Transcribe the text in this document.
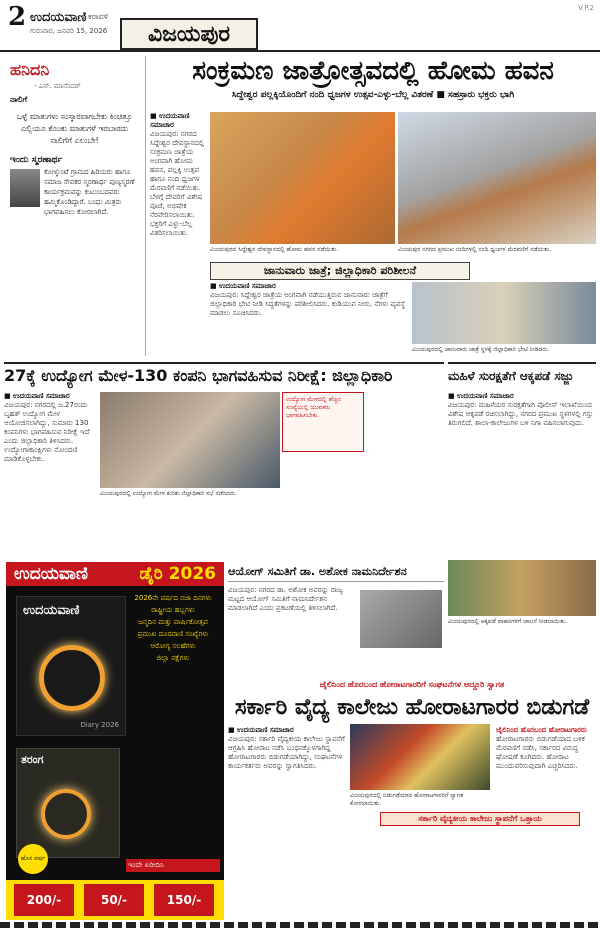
2 ಉದಯವಾಣಿ ಕರಾವಳಿ
ಗುರುವಾರ, ಜನವರಿ 15, 2026	ವಿಜಯಪುರ
V.P.2
ಹನಿದನಿ
- ಎನ್. ಮಾನೆಂದರ್
ನಾಲಿಗೆ
ಒಳ್ಳೆ ಮಾತುಗಳು ಸಂಸ್ಕಾರವಾಗಬೇಕು ಕಿಂಚಿತ್ತೂ ಎಲ್ಲಿಯೂ ಕೊಂಕು ಮಾತುಗಳೆ ಇರಬಾರದು ನಾಲಿಗೆಗೆ ಎಲುಬೇ!
ಇಂದು ಸ್ಮರಣಾರ್ಥ
ಕೋಳ್ಕುಂಟೆ ಗ್ರಾಮದ ಹಿರಿಯರು ಹಾಗೂ ಸಮಾಜ ಸೇವಕರ ಸ್ಮರಣಾರ್ಥ ಪುಣ್ಯಸ್ಮರಣೆ ಕಾರ್ಯಕ್ರಮವನ್ನು ಕುಟುಂಬದವರು ಹಮ್ಮಿಕೊಂಡಿದ್ದಾರೆ. ಬಂಧು ಮಿತ್ರರು ಭಾಗವಹಿಸಲು ಕೋರಲಾಗಿದೆ.
ಸಂಕ್ರಮಣ ಜಾತ್ರೋತ್ಸವದಲ್ಲಿ ಹೋಮ ಹವನ
ಸಿದ್ದೇಶ್ವರ ಪಲ್ಲಕ್ಕಿಯೊಂದಿಗೆ ನಂದಿ ಧ್ವಜಗಳ ಉತ್ಸವ-ಎಳ್ಳು-ಬೆಲ್ಲ ವಿತರಣೆ ■ ಸಹಸ್ರಾರು ಭಕ್ತರು ಭಾಗಿ
■ ಉದಯವಾಣಿ ಸಮಾಚಾರ
ವಿಜಯಪುರ: ನಗರದ ಸಿದ್ದೇಶ್ವರ ದೇವಸ್ಥಾನದಲ್ಲಿ ಸಂಕ್ರಮಣ ಜಾತ್ರೆಯ ಅಂಗವಾಗಿ ಹೋಮ ಹವನ, ಪಲ್ಲಕ್ಕಿ ಉತ್ಸವ ಹಾಗೂ ನಂದಿ ಧ್ವಜಗಳ ಮೆರವಣಿಗೆ ನಡೆಯಿತು. ಬೆಳಗ್ಗೆ ದೇವರಿಗೆ ವಿಶೇಷ ಪೂಜೆ, ಅಭಿಷೇಕ ನೆರವೇರಿಸಲಾಯಿತು. ಭಕ್ತರಿಗೆ ಎಳ್ಳು-ಬೆಲ್ಲ ವಿತರಿಸಲಾಯಿತು.
ವಿಜಯಪುರದ ಸಿದ್ದೇಶ್ವರ ದೇವಸ್ಥಾನದಲ್ಲಿ ಹೋಮ ಹವನ ನಡೆಯಿತು.	ವಿಜಯಪುರ ನಗರದ ಪ್ರಮುಖ ಬೀದಿಗಳಲ್ಲಿ ನಂದಿ ಧ್ವಜಗಳ ಮೆರವಣಿಗೆ ನಡೆಯಿತು.
ಜಾನುವಾರು ಜಾತ್ರೆ; ಜಿಲ್ಲಾಧಿಕಾರಿ ಪರಿಶೀಲನೆ
■ ಉದಯವಾಣಿ ಸಮಾಚಾರ
ವಿಜಯಪುರ: ಸಿದ್ದೇಶ್ವರ ಜಾತ್ರೆಯ ಅಂಗವಾಗಿ ನಡೆಯುತ್ತಿರುವ ಜಾನುವಾರು ಜಾತ್ರೆಗೆ ಜಿಲ್ಲಾಧಿಕಾರಿ ಭೇಟಿ ನೀಡಿ ಸಿದ್ಧತೆಗಳನ್ನು ಪರಿಶೀಲಿಸಿದರು. ಕುಡಿಯುವ ನೀರು, ನೆರಳು ವ್ಯವಸ್ಥೆ ಮಾಡಲು ಸೂಚಿಸಿದರು.
ವಿಜಯಪುರದಲ್ಲಿ ಜಾನುವಾರು ಜಾತ್ರೆ ಸ್ಥಳಕ್ಕೆ ಜಿಲ್ಲಾಧಿಕಾರಿ ಭೇಟಿ ನೀಡಿದರು.
27ಕ್ಕೆ ಉದ್ಯೋಗ ಮೇಳ-130 ಕಂಪನಿ ಭಾಗವಹಿಸುವ ನಿರೀಕ್ಷೆ: ಜಿಲ್ಲಾಧಿಕಾರಿ
■ ಉದಯವಾಣಿ ಸಮಾಚಾರ
ವಿಜಯಪುರ: ನಗರದಲ್ಲಿ ಜ.27ರಂದು ಬೃಹತ್ ಉದ್ಯೋಗ ಮೇಳ ಆಯೋಜಿಸಲಾಗಿದ್ದು, ಸುಮಾರು 130 ಕಂಪನಿಗಳು ಭಾಗವಹಿಸುವ ನಿರೀಕ್ಷೆ ಇದೆ ಎಂದು ಜಿಲ್ಲಾಧಿಕಾರಿ ತಿಳಿಸಿದರು. ಉದ್ಯೋಗಾಕಾಂಕ್ಷಿಗಳು ನೋಂದಣಿ ಮಾಡಿಕೊಳ್ಳಬೇಕು.
ವಿಜಯಪುರದಲ್ಲಿ ಉದ್ಯೋಗ ಮೇಳ ಕುರಿತು ಜಿಲ್ಲಾಧಿಕಾರಿ ಸಭೆ ನಡೆಸಿದರು.
ಉದ್ಯೋಗ ಮೇಳದಲ್ಲಿ ಹೆಚ್ಚಿನ ಸಂಖ್ಯೆಯಲ್ಲಿ ಯುವಕರು ಭಾಗವಹಿಸಬೇಕು.
ಮಹಿಳೆ ಸುರಕ್ಷತೆಗೆ ಆಕ್ಕಪಡೆ ಸಜ್ಜು
■ ಉದಯವಾಣಿ ಸಮಾಚಾರ
ವಿಜಯಪುರ: ಮಹಿಳೆಯರ ಸುರಕ್ಷತೆಗಾಗಿ ಪೊಲೀಸ್ ಇಲಾಖೆಯಿಂದ ವಿಶೇಷ ಆಕ್ಕಪಡೆ ರಚಿಸಲಾಗಿದ್ದು, ನಗರದ ಪ್ರಮುಖ ಸ್ಥಳಗಳಲ್ಲಿ ಗಸ್ತು ತಿರುಗಲಿದೆ. ಶಾಲಾ-ಕಾಲೇಜುಗಳ ಬಳಿ ನಿಗಾ ವಹಿಸಲಾಗುವುದು.
ವಿಜಯಪುರದಲ್ಲಿ ಆಕ್ಕಪಡೆ ವಾಹನಗಳಿಗೆ ಚಾಲನೆ ನೀಡಲಾಯಿತು.
ಉದಯವಾಣಿ	ಡೈರಿ 2026
ಉದಯವಾಣಿ
Diary 2026
2026ನೇ ವರ್ಷದ ರಜಾ ದಿನಗಳು
ರಾಷ್ಟ್ರೀಯ ಹಬ್ಬಗಳು
ಜನ್ಮದಿನ ಮತ್ತು ವಾರ್ಷಿಕೋತ್ಸವ
ಪ್ರಮುಖ ದೂರವಾಣಿ ಸಂಖ್ಯೆಗಳು
ಆರೋಗ್ಯ ಸಲಹೆಗಳು
ಜಿಲ್ಲಾ ನಕ್ಷೆಗಳು
ತರಂಗ
ಇಂದೇ ಖರೀದಿಸಿ
ಹೊಸ ವರ್ಷ
200/-	50/-	150/-
ಆಯೋಗ್ ಸಮಿತಿಗೆ ಡಾ. ಅಶೋಕ ನಾಮನಿರ್ದೇಶನ
ವಿಜಯಪುರ: ನಗರದ ಡಾ. ಅಶೋಕ ಅವರನ್ನು ರಾಜ್ಯ ಮಟ್ಟದ ಆಯೋಗ್ ಸಮಿತಿಗೆ ನಾಮನಿರ್ದೇಶನ ಮಾಡಲಾಗಿದೆ ಎಂದು ಪ್ರಕಟಣೆಯಲ್ಲಿ ತಿಳಿಸಲಾಗಿದೆ.
ಜೈಲಿನಿಂದ ಹೊರಬಂದ ಹೋರಾಟಗಾರರಿಗೆ ಸಂಘಟನೆಗಳ ಅದ್ದೂರಿ ಸ್ವಾಗತ
ಸರ್ಕಾರಿ ವೈದ್ಯ ಕಾಲೇಜು ಹೋರಾಟಗಾರರ ಬಿಡುಗಡೆ
■ ಉದಯವಾಣಿ ಸಮಾಚಾರ
ವಿಜಯಪುರ: ಸರ್ಕಾರಿ ವೈದ್ಯಕೀಯ ಕಾಲೇಜು ಸ್ಥಾಪನೆಗೆ ಆಗ್ರಹಿಸಿ ಹೋರಾಟ ನಡೆಸಿ ಬಂಧನಕ್ಕೊಳಗಾಗಿದ್ದ ಹೋರಾಟಗಾರರು ಬಿಡುಗಡೆಯಾಗಿದ್ದು, ಸಂಘಟನೆಗಳ ಕಾರ್ಯಕರ್ತರು ಅವರನ್ನು ಸ್ವಾಗತಿಸಿದರು.
ವಿಜಯಪುರದಲ್ಲಿ ಬಿಡುಗಡೆಯಾದ ಹೋರಾಟಗಾರರಿಗೆ ಸ್ವಾಗತ ಕೋರಲಾಯಿತು.
ಸರ್ಕಾರಿ ವೈದ್ಯಕೀಯ ಕಾಲೇಜು ಸ್ಥಾಪನೆಗೆ ಒತ್ತಾಯ
ಜೈಲಿನಿಂದ ಹೊರಬಂದ ಹೋರಾಟಗಾರರು
ಹೋರಾಟಗಾರರು ಬಿಡುಗಡೆಯಾದ ಬಳಿಕ ಮೆರವಣಿಗೆ ನಡೆಸಿ, ಸರ್ಕಾರದ ವಿರುದ್ಧ ಘೋಷಣೆ ಕೂಗಿದರು. ಹೋರಾಟ ಮುಂದುವರಿಸುವುದಾಗಿ ಎಚ್ಚರಿಸಿದರು.
